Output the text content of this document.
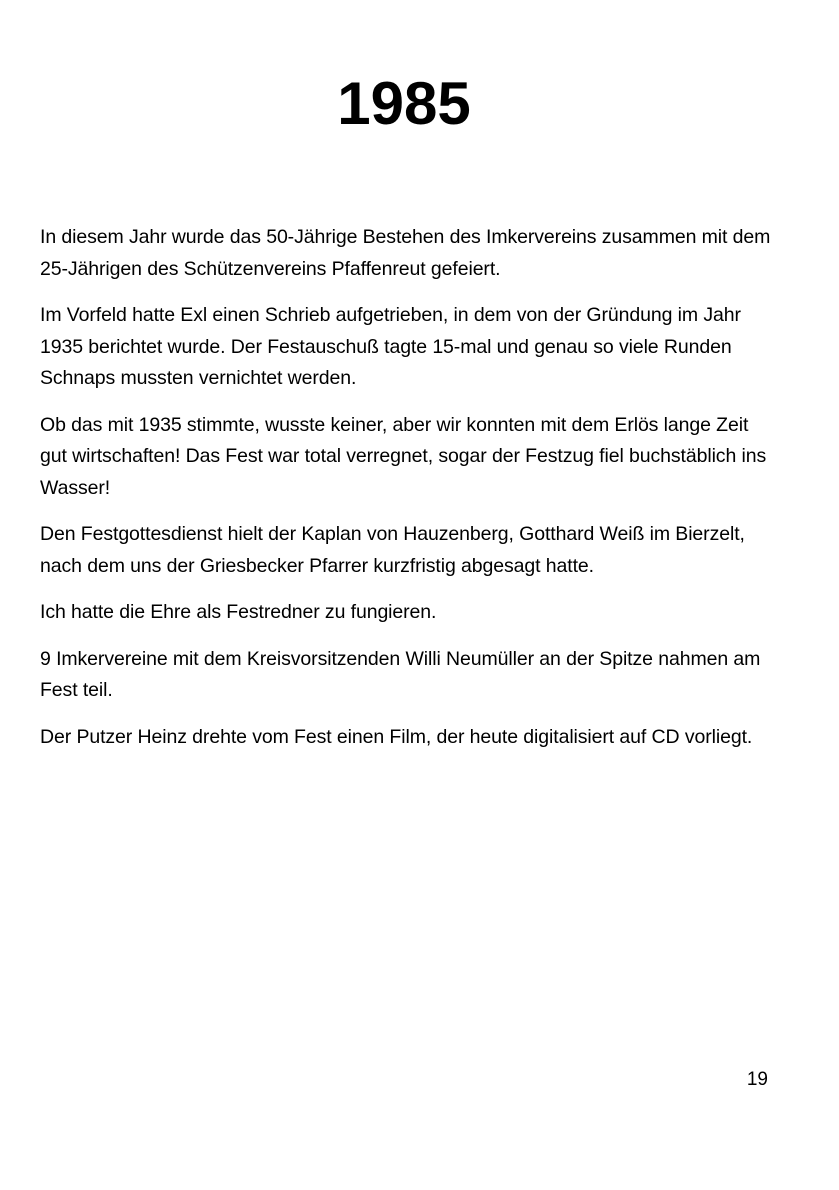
1985

In diesem Jahr wurde das 50-Jährige Bestehen des Imkervereins zusammen mit dem 25-Jährigen des Schützenvereins Pfaffenreut gefeiert.

Im Vorfeld hatte Exl einen Schrieb aufgetrieben, in dem von der Gründung im Jahr 1935 berichtet wurde. Der Festauschuß tagte 15-mal und genau so viele Runden Schnaps mussten vernichtet werden.

Ob das mit 1935 stimmte, wusste keiner, aber wir konnten mit dem Erlös lange Zeit gut wirtschaften! Das Fest war total verregnet, sogar der Festzug fiel buchstäblich ins Wasser!

Den Festgottesdienst hielt der Kaplan von Hauzenberg, Gotthard Weiß im Bierzelt, nach dem uns der Griesbecker Pfarrer kurzfristig abgesagt hatte.

Ich hatte die Ehre als Festredner zu fungieren.

9 Imkervereine mit dem Kreisvorsitzenden Willi Neumüller an der Spitze nahmen am Fest teil.

Der Putzer Heinz drehte vom Fest einen Film, der heute digitalisiert auf CD vorliegt.

19
